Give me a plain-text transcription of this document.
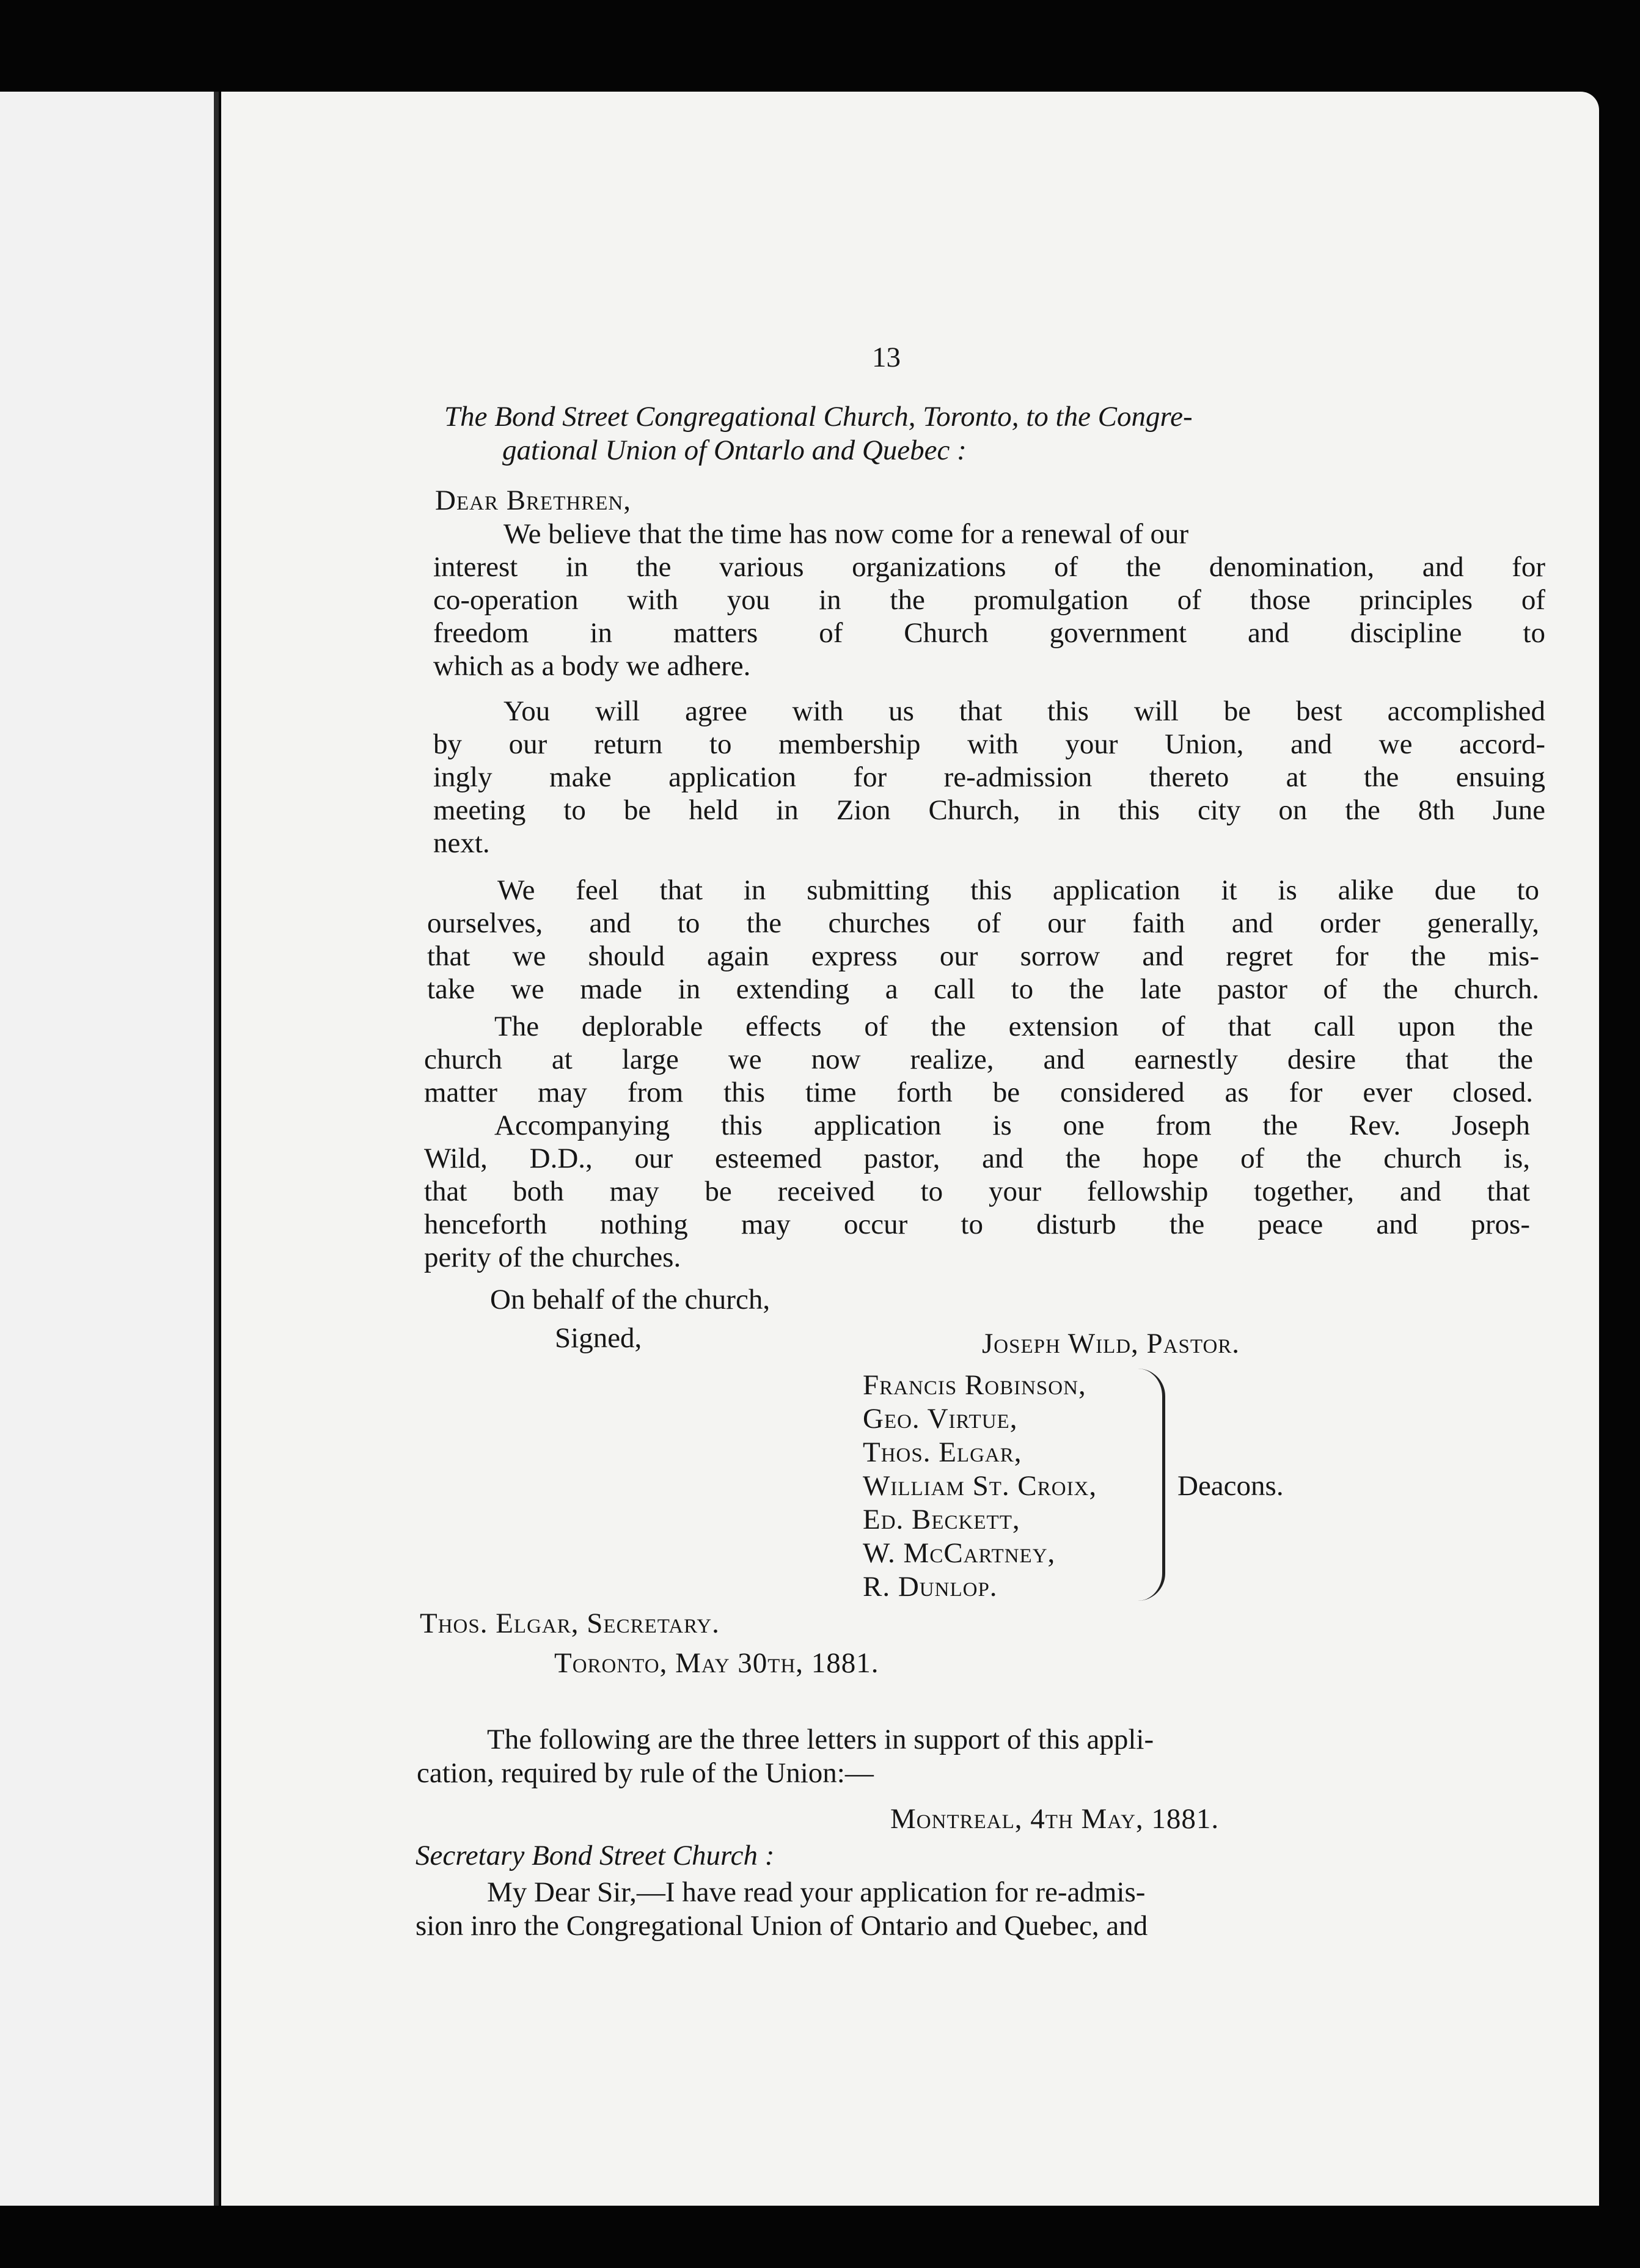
13
The Bond Street Congregational Church, Toronto, to the Congre-
gational Union of Ontarlo and Quebec :
Dear Brethren,
We believe that the time has now come for a renewal of our
interest in the various organizations of the denomination, and for
co-operation with you in the promulgation of those principles of
freedom in matters of Church government and discipline to
which as a body we adhere.
You will agree with us that this will be best accomplished
by our return to membership with your Union, and we accord-
ingly make application for re-admission thereto at the ensuing
meeting to be held in Zion Church, in this city on the 8th June
next.
We feel that in submitting this application it is alike due to
ourselves, and to the churches of our faith and order generally,
that we should again express our sorrow and regret for the mis-
take we made in extending a call to the late pastor of the church.
The deplorable effects of the extension of that call upon the
church at large we now realize, and earnestly desire that the
matter may from this time forth be considered as for ever closed.
Accompanying this application is one from the Rev. Joseph
Wild, D.D., our esteemed pastor, and the hope of the church is,
that both may be received to your fellowship together, and that
henceforth nothing may occur to disturb the peace and pros-
perity of the churches.
On behalf of the church,
Signed,	Joseph Wild, Pastor.
Francis Robinson,
Geo. Virtue,
Thos. Elgar,
William St. Croix,
Ed. Beckett,
W. McCartney,
R. Dunlop.
Deacons.
Thos. Elgar, Secretary.
Toronto, May 30th, 1881.
The following are the three letters in support of this appli-
cation, required by rule of the Union:—
Montreal, 4th May, 1881.
Secretary Bond Street Church :
My Dear Sir,—I have read your application for re-admis-
sion inro the Congregational Union of Ontario and Quebec, and
